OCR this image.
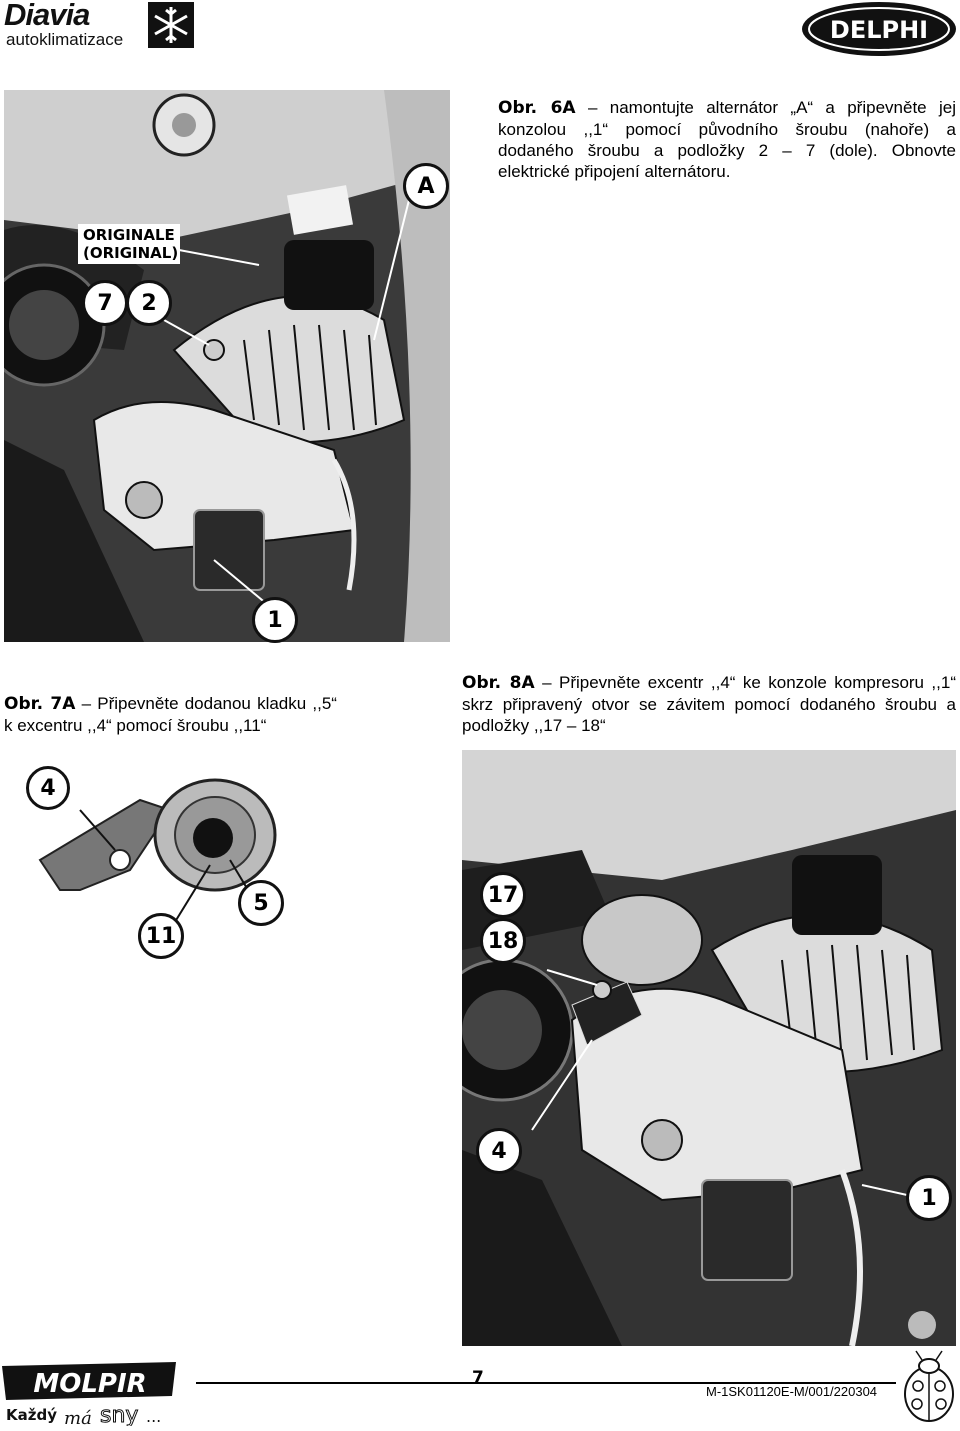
Diavia
autoklimatizace	DELPHI
ORIGINALE
(ORIGINAL)
A
7	2
1
Obr. 6A – namontujte alternátor „A“ a připevněte jej konzolou ,,1“ pomocí původního šroubu (nahoře) a dodaného šroubu a podložky 2 – 7 (dole). Obnovte elektrické připojení alternátoru.
Obr. 7A – Připevněte dodanou kladku ,,5“ k excentru ,,4“ pomocí šroubu ,,11“
Obr. 8A – Připevněte excentr ,,4“ ke konzole kompresoru ,,1“ skrz připravený otvor se závitem pomocí dodaného šroubu a podložky ,,17 – 18“
4
11
5	17
18
4
1
MOLPIR
Každý má sny ...
7
M-1SK01120E-M/001/220304
